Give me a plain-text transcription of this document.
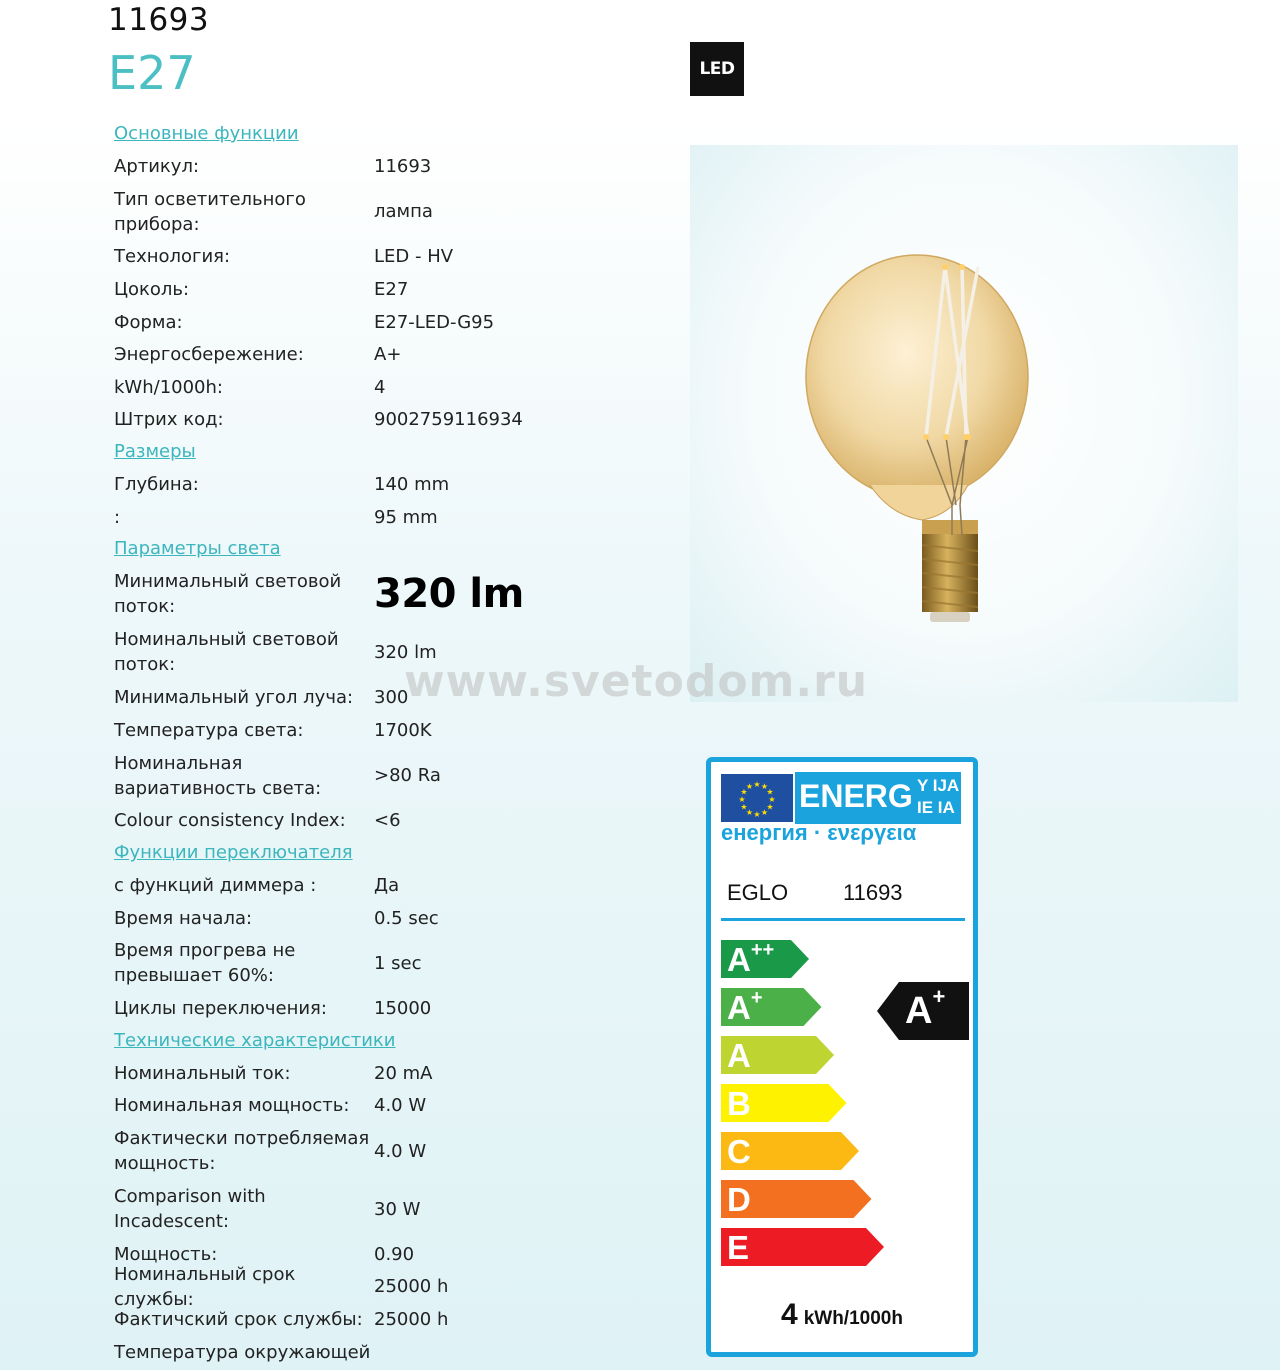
11693
E27	LED
Основные функции
Артикул:	11693
Тип осветительного прибора:
лампа
Технология:	LED - HV
Цоколь:	E27
Форма:	E27-LED-G95
Энергосбережение:	A+
kWh/1000h:	4
Штрих код:	9002759116934
Размеры
Глубина:	140 mm
:	95 mm
Параметры света
Минимальный световой поток:	320 lm
Номинальный световой поток:
320 lm
Минимальный угол луча:	300
Температура света:	1700K
Номинальная вариативность света:
>80 Ra
Colour consistency Index:	<6
Функции переключателя
с функций диммера :	Да
Время начала:	0.5 sec
Время прогрева не превышает 60%:
1 sec
Циклы переключения:	15000
Технические характеристики
Номинальный ток:	20 mA
Номинальная мощность:	4.0 W
Фактически потребляемая мощность:
4.0 W
Comparison with Incadescent:
30 W
Мощность:	0.90
Номинальный срок службы:
25000 h
Фактичский срок службы: 25000 h
Температура окружающей
www.svetodom.ru
★ ★
★
★
★
★
★
★
★
★
★
★ ENERG Y IJA
IE IA
енергия · ενεργεια
EGLO 11693
A++
A+
A
B
C
D
E
A+
4 kWh/1000h
